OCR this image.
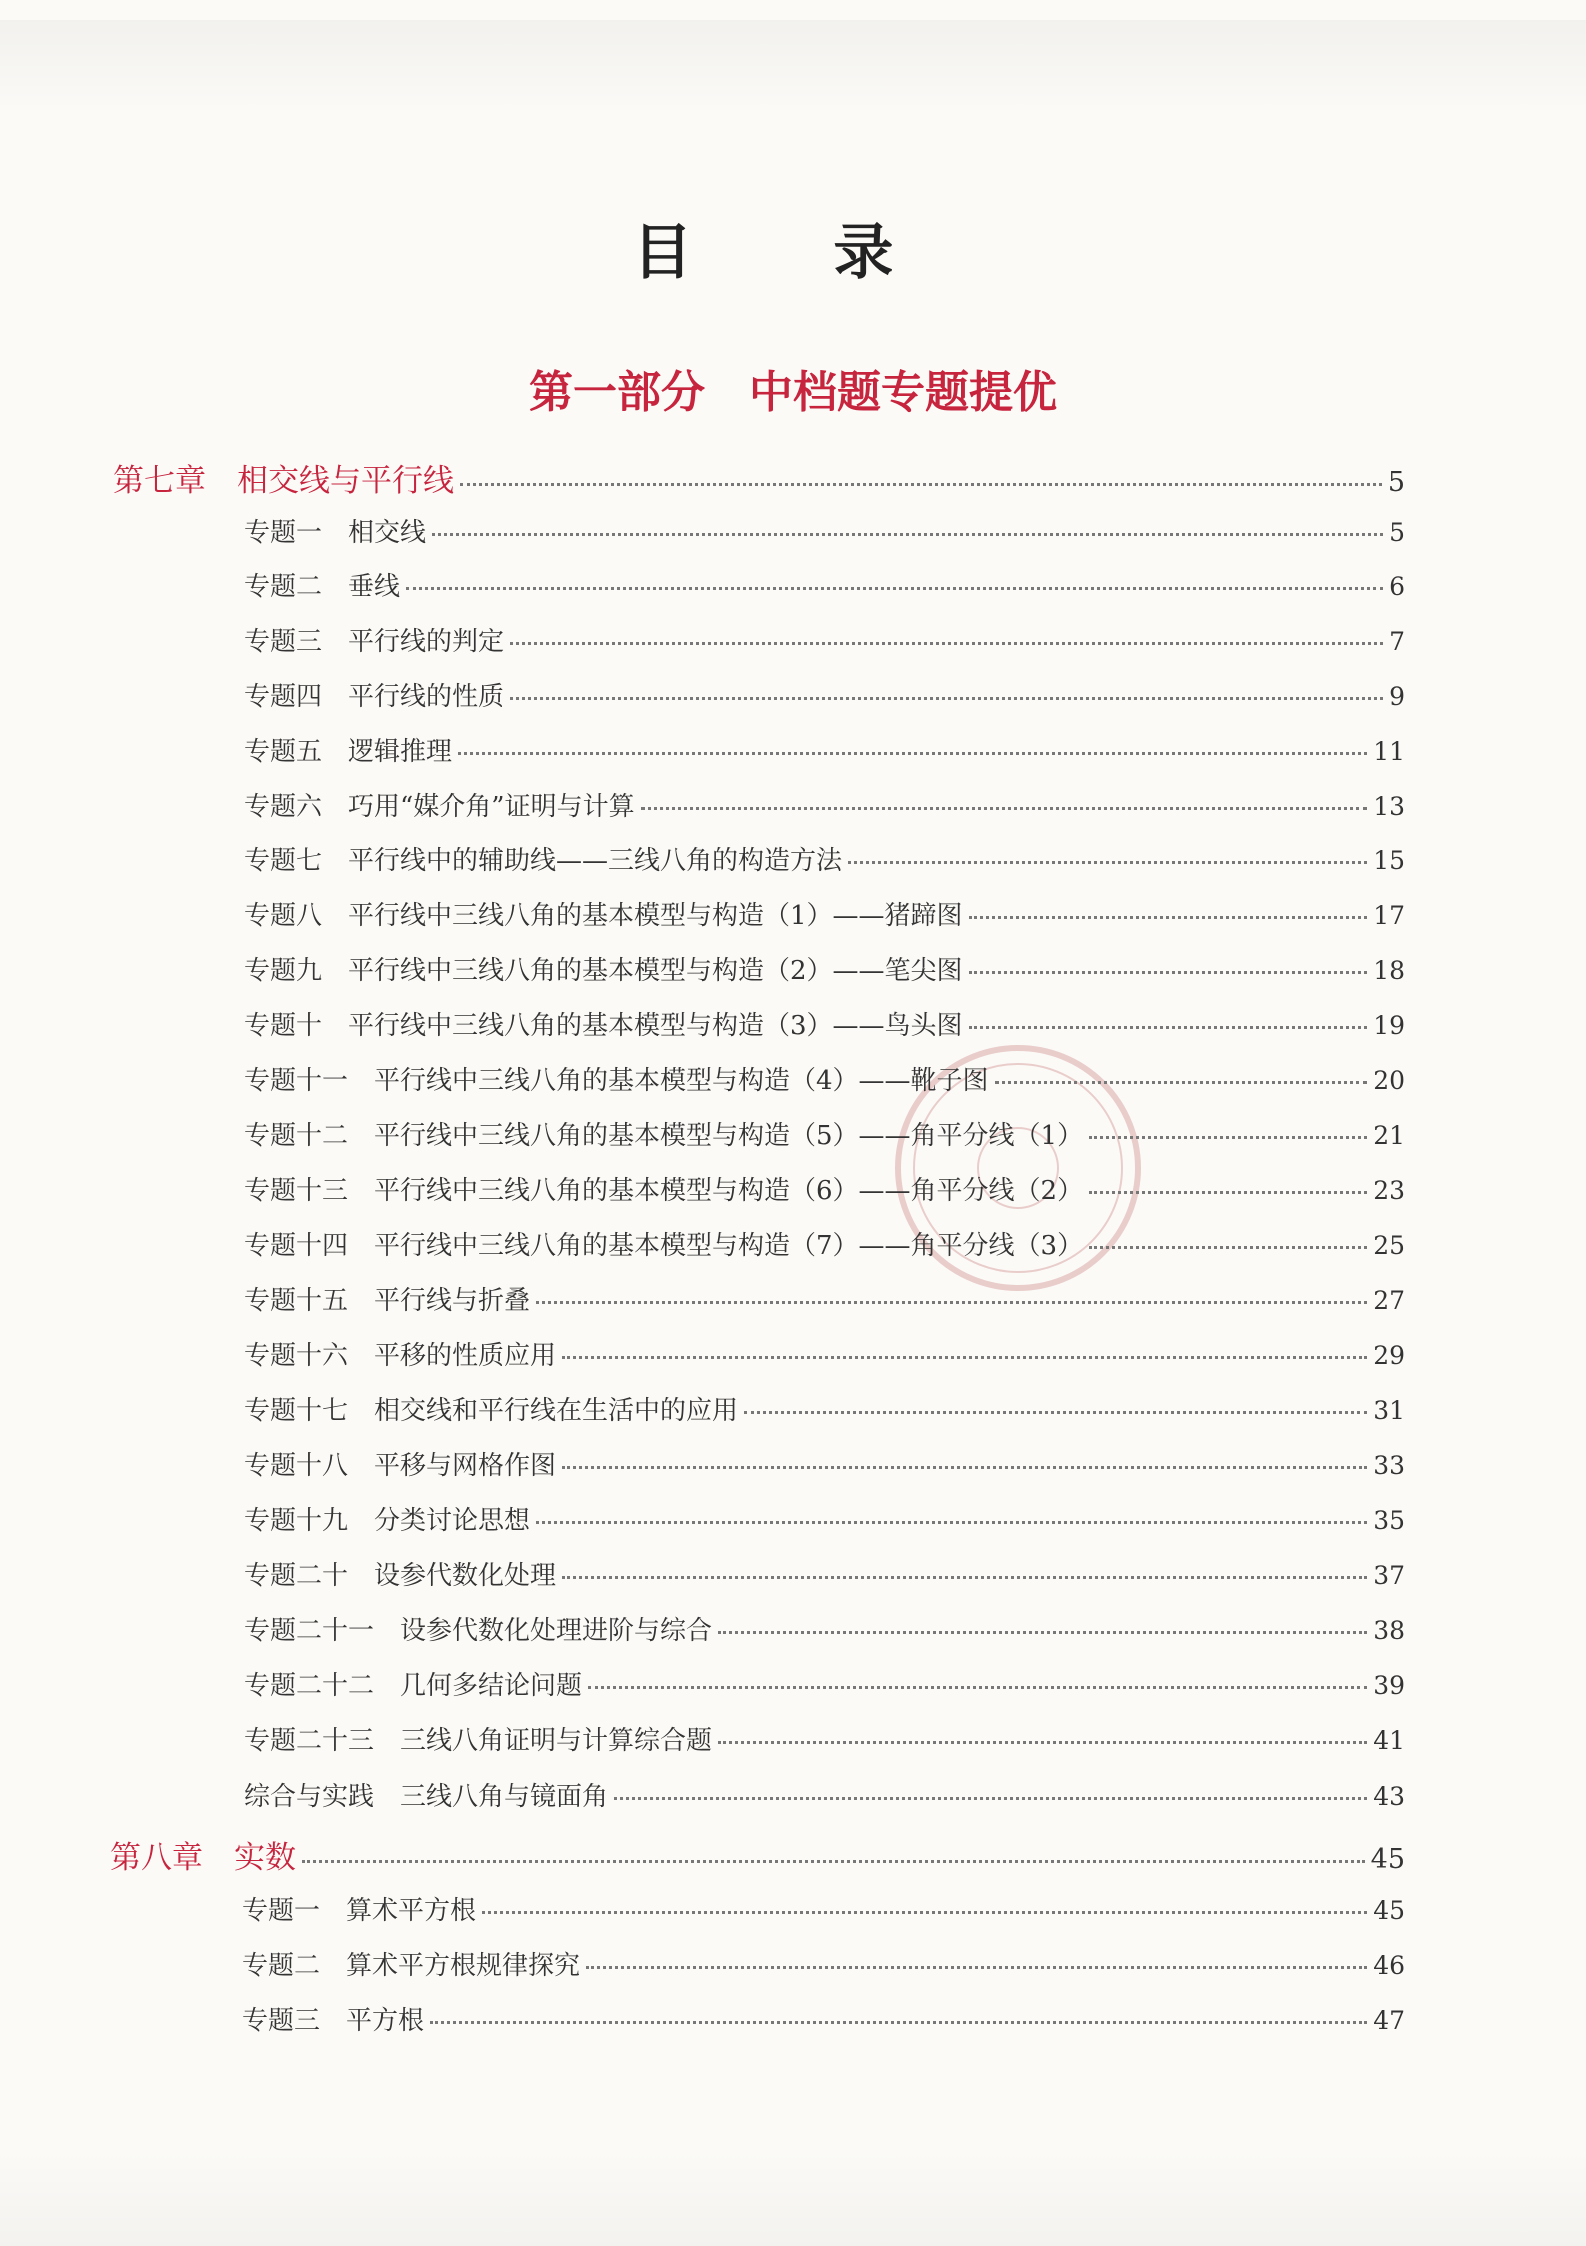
目 录
第一部分　中档题专题提优
第七章　相交线与平行线	5
专题一　相交线	5
专题二　垂线	6
专题三　平行线的判定	7
专题四　平行线的性质	9
专题五　逻辑推理	11
专题六　巧用“媒介角”证明与计算	13
专题七　平行线中的辅助线——三线八角的构造方法	15
专题八　平行线中三线八角的基本模型与构造（1）——猪蹄图	17
专题九　平行线中三线八角的基本模型与构造（2）——笔尖图	18
专题十　平行线中三线八角的基本模型与构造（3）——鸟头图	19
专题十一　平行线中三线八角的基本模型与构造（4）——靴子图	20
专题十二　平行线中三线八角的基本模型与构造（5）——角平分线（1）	21
专题十三　平行线中三线八角的基本模型与构造（6）——角平分线（2）	23
专题十四　平行线中三线八角的基本模型与构造（7）——角平分线（3）	25
专题十五　平行线与折叠	27
专题十六　平移的性质应用	29
专题十七　相交线和平行线在生活中的应用	31
专题十八　平移与网格作图	33
专题十九　分类讨论思想	35
专题二十　设参代数化处理	37
专题二十一　设参代数化处理进阶与综合	38
专题二十二　几何多结论问题	39
专题二十三　三线八角证明与计算综合题	41
综合与实践　三线八角与镜面角	43
第八章　实数	45
专题一　算术平方根	45
专题二　算术平方根规律探究	46
专题三　平方根	47
